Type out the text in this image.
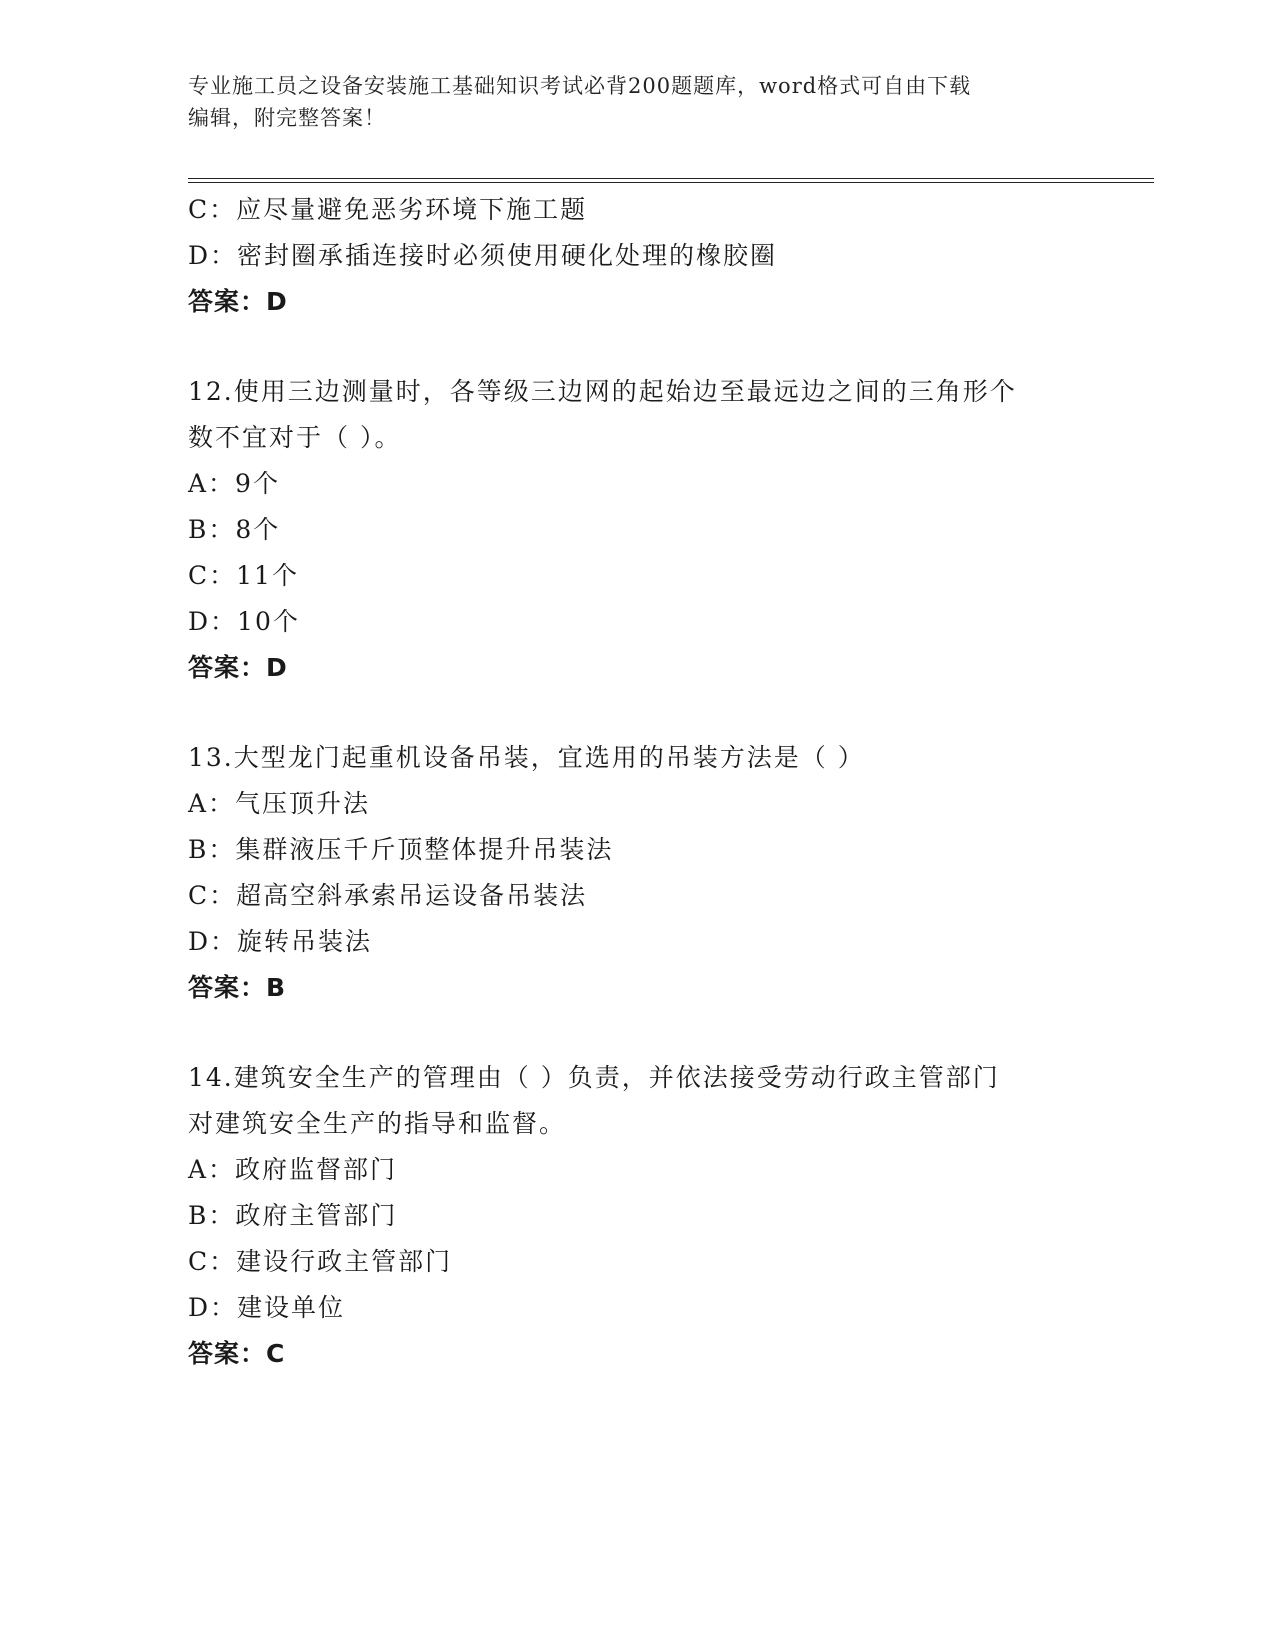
专业施工员之设备安装施工基础知识考试必背200题题库，word格式可自由下载
编辑，附完整答案！
C：应尽量避免恶劣环境下施工题
D：密封圈承插连接时必须使用硬化处理的橡胶圈
答案：D
12.使用三边测量时，各等级三边网的起始边至最远边之间的三角形个
数不宜对于（ ）。
A：9个
B：8个
C：11个
D：10个
答案：D
13.大型龙门起重机设备吊装，宜选用的吊装方法是（ ）
A：气压顶升法
B：集群液压千斤顶整体提升吊装法
C：超高空斜承索吊运设备吊装法
D：旋转吊装法
答案：B
14.建筑安全生产的管理由（ ）负责，并依法接受劳动行政主管部门
对建筑安全生产的指导和监督。
A：政府监督部门
B：政府主管部门
C：建设行政主管部门
D：建设单位
答案：C
